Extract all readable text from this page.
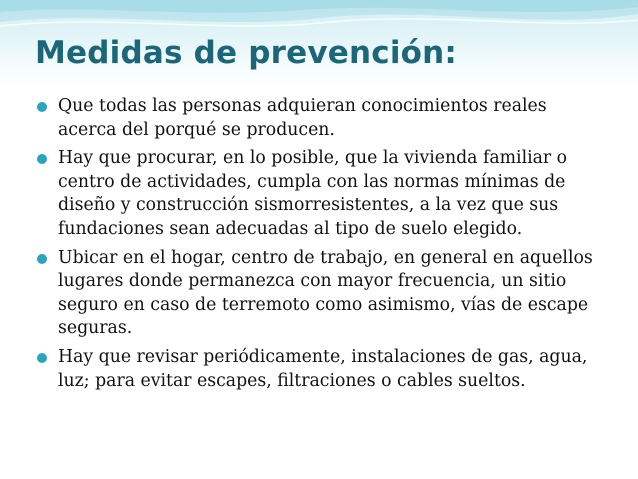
Medidas de prevención:
Que todas las personas adquieran conocimientos reales acerca del porqué se producen.
Hay que procurar, en lo posible, que la vivienda familiar o centro de actividades, cumpla con las normas mínimas de diseño y construcción sismorresistentes, a la vez que sus fundaciones sean adecuadas al tipo de suelo elegido.
Ubicar en el hogar, centro de trabajo, en general en aquellos lugares donde permanezca con mayor frecuencia, un sitio seguro en caso de terremoto como asimismo, vías de escape seguras.
Hay que revisar periódicamente, instalaciones de gas, agua, luz; para evitar escapes, filtraciones o cables sueltos.
